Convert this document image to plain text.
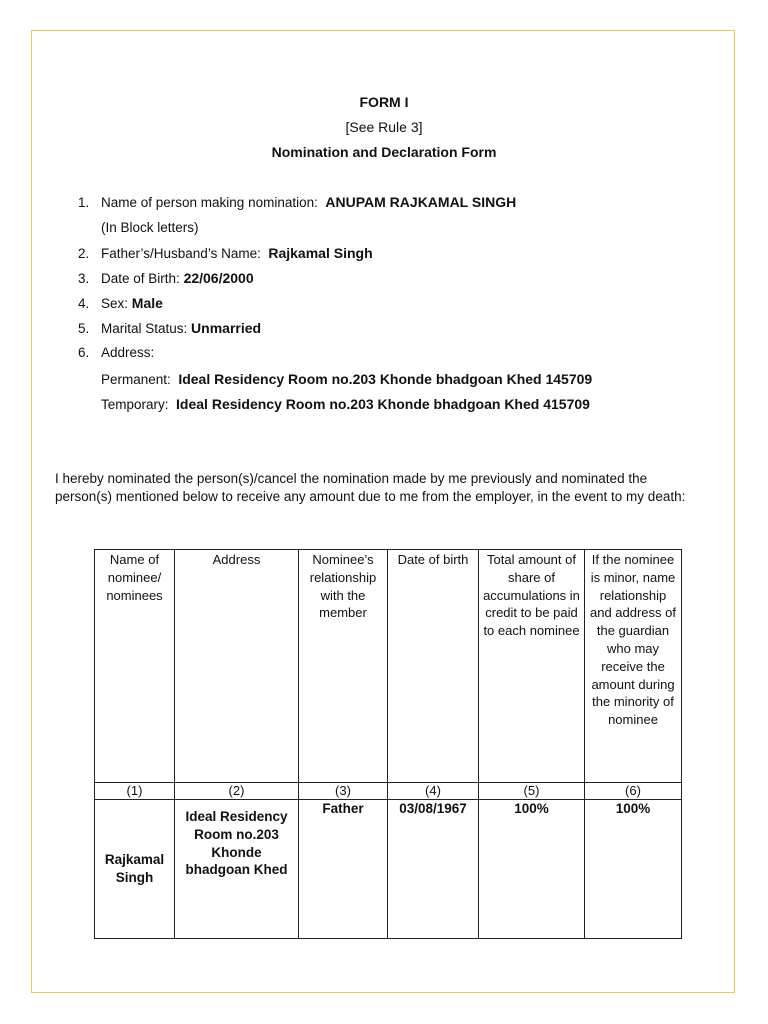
FORM I
[See Rule 3]
Nomination and Declaration Form
1. Name of person making nomination: ANUPAM RAJKAMAL SINGH
(In Block letters)
2. Father’s/Husband’s Name: Rajkamal Singh
3. Date of Birth: 22/06/2000
4. Sex: Male
5. Marital Status: Unmarried
6. Address:
Permanent: Ideal Residency Room no.203 Khonde bhadgoan Khed 145709
Temporary: Ideal Residency Room no.203 Khonde bhadgoan Khed 415709
I hereby nominated the person(s)/cancel the nomination made by me previously and nominated the person(s) mentioned below to receive any amount due to me from the employer, in the event to my death:
Name of nominee/ nominees	Address	Nominee’s relationship with the member	Date of birth	Total amount of share of accumulations in credit to be paid to each nominee	If the nominee is minor, name relationship and address of the guardian who may receive the amount during the minority of nominee
(1)	(2)	(3)	(4)	(5)	(6)
Rajkamal Singh	Ideal Residency Room no.203 Khonde bhadgoan Khed	Father	03/08/1967	100%	100%
